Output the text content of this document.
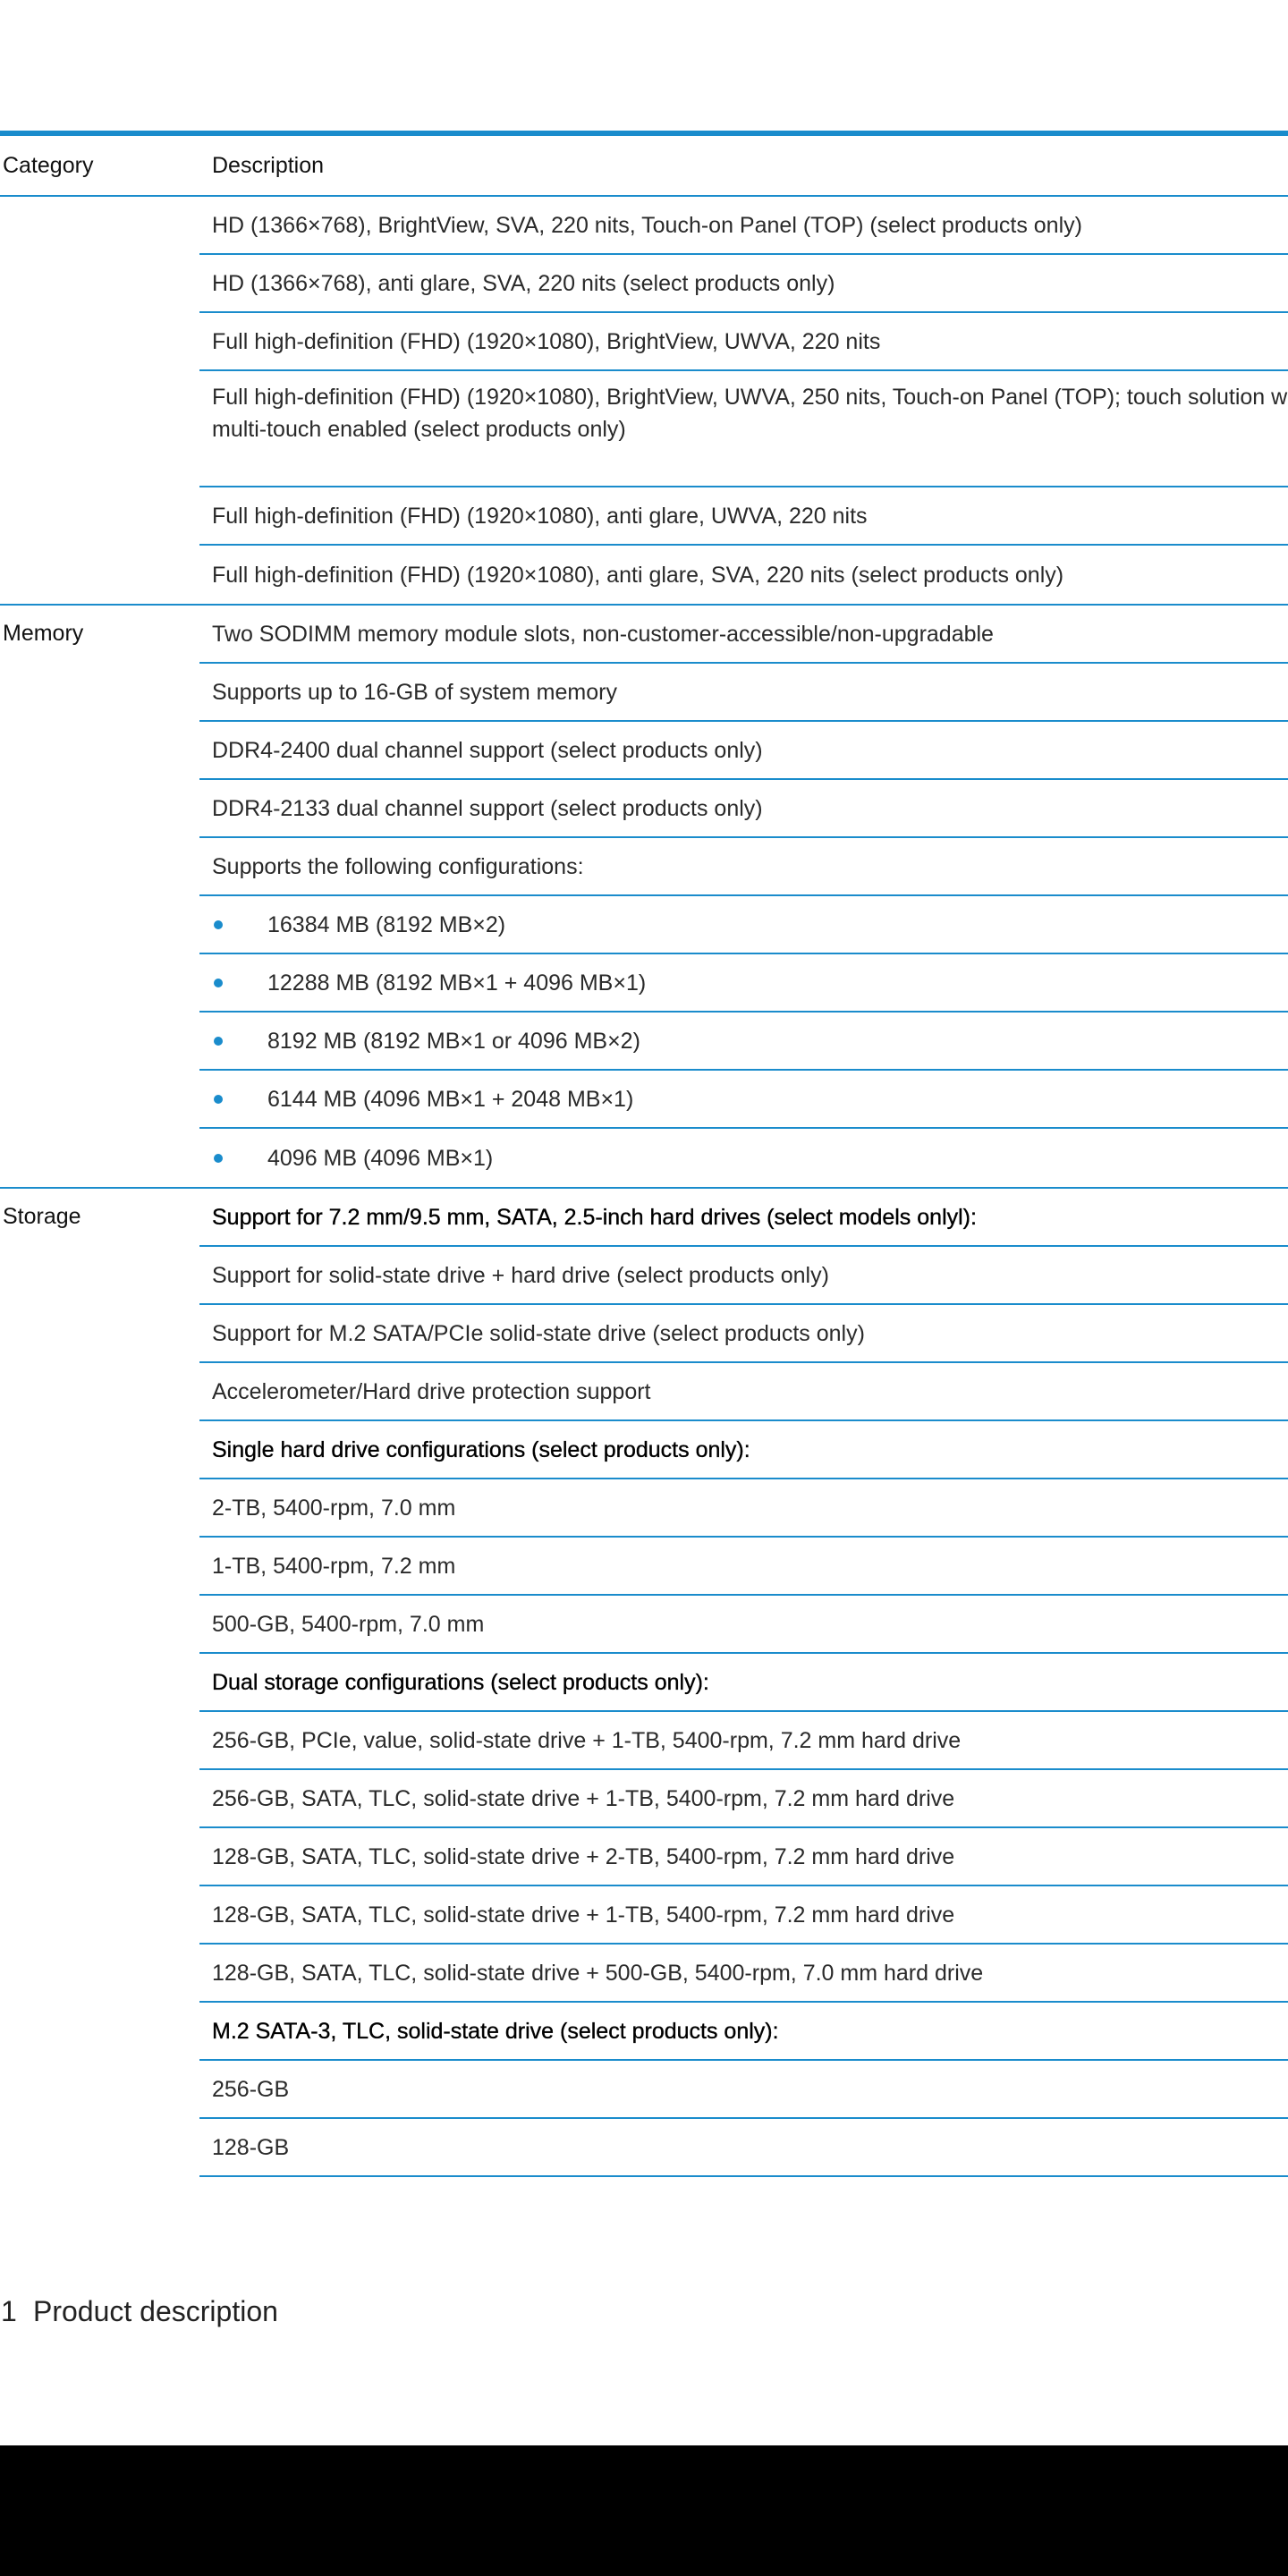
Category	Description
HD (1366×768), BrightView, SVA, 220 nits, Touch-on Panel (TOP) (select products only)
HD (1366×768), anti glare, SVA, 220 nits (select products only)
Full high-definition (FHD) (1920×1080), BrightView, UWVA, 220 nits
Full high-definition (FHD) (1920×1080), BrightView, UWVA, 250 nits, Touch-on Panel (TOP); touch solution w
multi-touch enabled (select products only)
Full high-definition (FHD) (1920×1080), anti glare, UWVA, 220 nits
Full high-definition (FHD) (1920×1080), anti glare, SVA, 220 nits (select products only)
Memory	Two SODIMM memory module slots, non-customer-accessible/non-upgradable
Supports up to 16-GB of system memory
DDR4-2400 dual channel support (select products only)
DDR4-2133 dual channel support (select products only)
Supports the following configurations:
16384 MB (8192 MB×2)
12288 MB (8192 MB×1 + 4096 MB×1)
8192 MB (8192 MB×1 or 4096 MB×2)
6144 MB (4096 MB×1 + 2048 MB×1)
4096 MB (4096 MB×1)
Storage	Support for 7.2 mm/9.5 mm, SATA, 2.5-inch hard drives (select models onlyl):
Support for solid-state drive + hard drive (select products only)
Support for M.2 SATA/PCIe solid-state drive (select products only)
Accelerometer/Hard drive protection support
Single hard drive configurations (select products only):
2-TB, 5400-rpm, 7.0 mm
1-TB, 5400-rpm, 7.2 mm
500-GB, 5400-rpm, 7.0 mm
Dual storage configurations (select products only):
256-GB, PCIe, value, solid-state drive + 1-TB, 5400-rpm, 7.2 mm hard drive
256-GB, SATA, TLC, solid-state drive + 1-TB, 5400-rpm, 7.2 mm hard drive
128-GB, SATA, TLC, solid-state drive + 2-TB, 5400-rpm, 7.2 mm hard drive
128-GB, SATA, TLC, solid-state drive + 1-TB, 5400-rpm, 7.2 mm hard drive
128-GB, SATA, TLC, solid-state drive + 500-GB, 5400-rpm, 7.0 mm hard drive
M.2 SATA-3, TLC, solid-state drive (select products only):
256-GB
128-GB
1 Product description
